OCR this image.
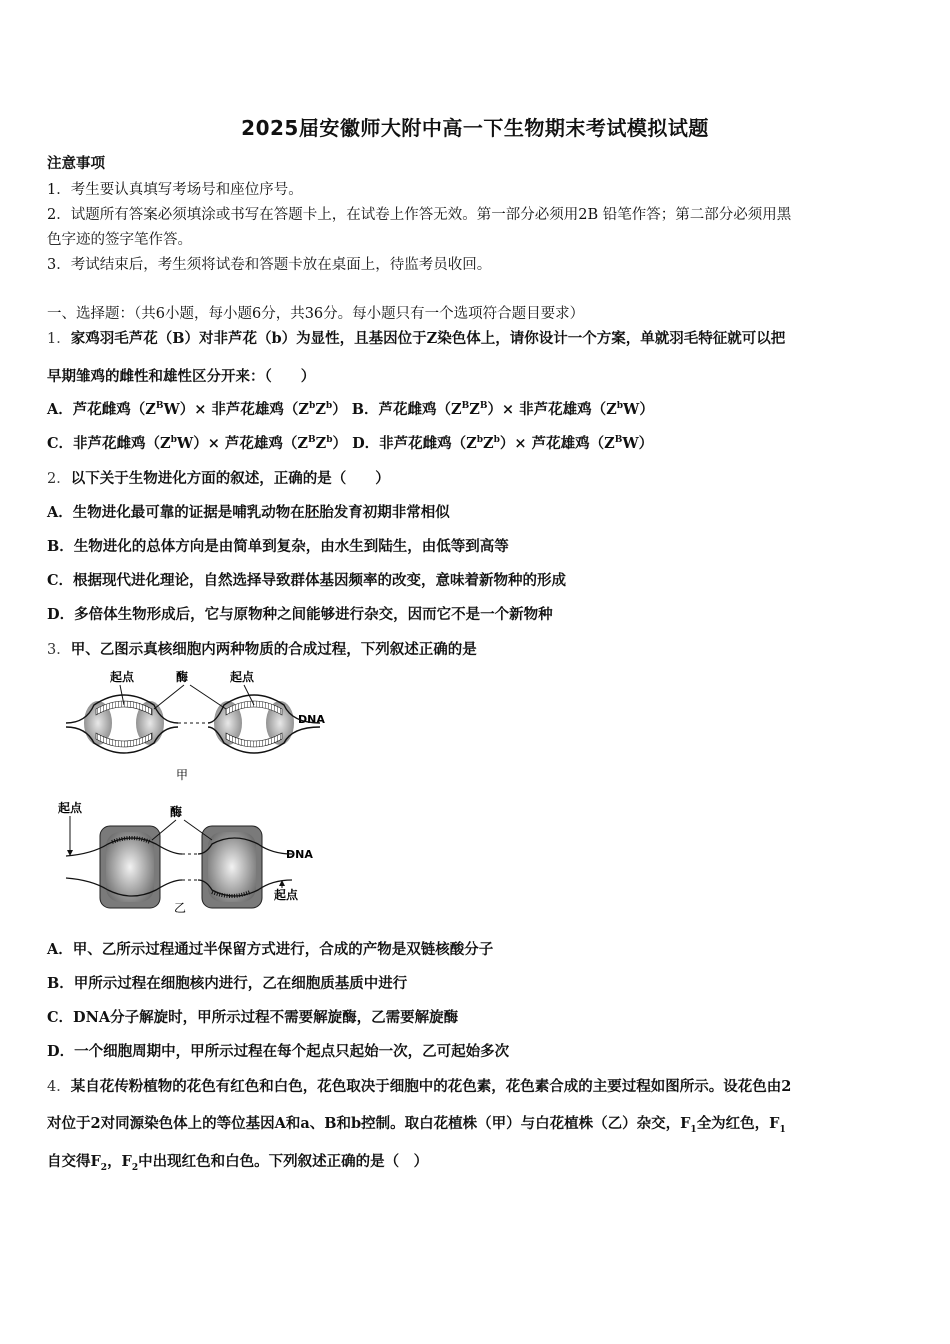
2025届安徽师大附中高一下生物期末考试模拟试题
注意事项
1．考生要认真填写考场号和座位序号。
2．试题所有答案必须填涂或书写在答题卡上，在试卷上作答无效。第一部分必须用2B 铅笔作答；第二部分必须用黑
色字迹的签字笔作答。
3．考试结束后，考生须将试卷和答题卡放在桌面上，待监考员收回。
一、选择题：（共6小题，每小题6分，共36分。每小题只有一个选项符合题目要求）
1．家鸡羽毛芦花（B）对非芦花（b）为显性，且基因位于Z染色体上，请你设计一个方案，单就羽毛特征就可以把
早期雏鸡的雌性和雄性区分开来：（　　）
A．芦花雌鸡$(Z^BW)\times$ 非芦花雄鸡$(Z^bZ^b)$ B．芦花雌鸡$(Z^BZ^B)\times$ 非芦花雄鸡$(Z^bW)$
C．非芦花雌鸡$(Z^bW)\times$ 芦花雄鸡$(Z^BZ^b)$ D．非芦花雌鸡$(Z^bZ^b)\times$ 芦花雄鸡$(Z^BW)$
2．以下关于生物进化方面的叙述，正确的是（　　）
A．生物进化最可靠的证据是哺乳动物在胚胎发育初期非常相似
B．生物进化的总体方向是由简单到复杂，由水生到陆生，由低等到高等
C．根据现代进化理论，自然选择导致群体基因频率的改变，意味着新物种的形成
D．多倍体生物形成后，它与原物种之间能够进行杂交，因而它不是一个新物种
3．甲、乙图示真核细胞内两种物质的合成过程，下列叙述正确的是
起点	酶	起点
DNA
甲
起点	酶
DNA
起点
乙
A．甲、乙所示过程通过半保留方式进行，合成的产物是双链核酸分子
B．甲所示过程在细胞核内进行，乙在细胞质基质中进行
C．DNA分子解旋时，甲所示过程不需要解旋酶，乙需要解旋酶
D．一个细胞周期中，甲所示过程在每个起点只起始一次，乙可起始多次
4．某自花传粉植物的花色有红色和白色，花色取决于细胞中的花色素，花色素合成的主要过程如图所示。设花色由2
对位于2对同源染色体上的等位基因A和a、B和b控制。取白花植株（甲）与白花植株（乙）杂交，$F_1$全为红色，$F_1$
自交得$F_2$，$F_2$中出现红色和白色。下列叙述正确的是（　）
